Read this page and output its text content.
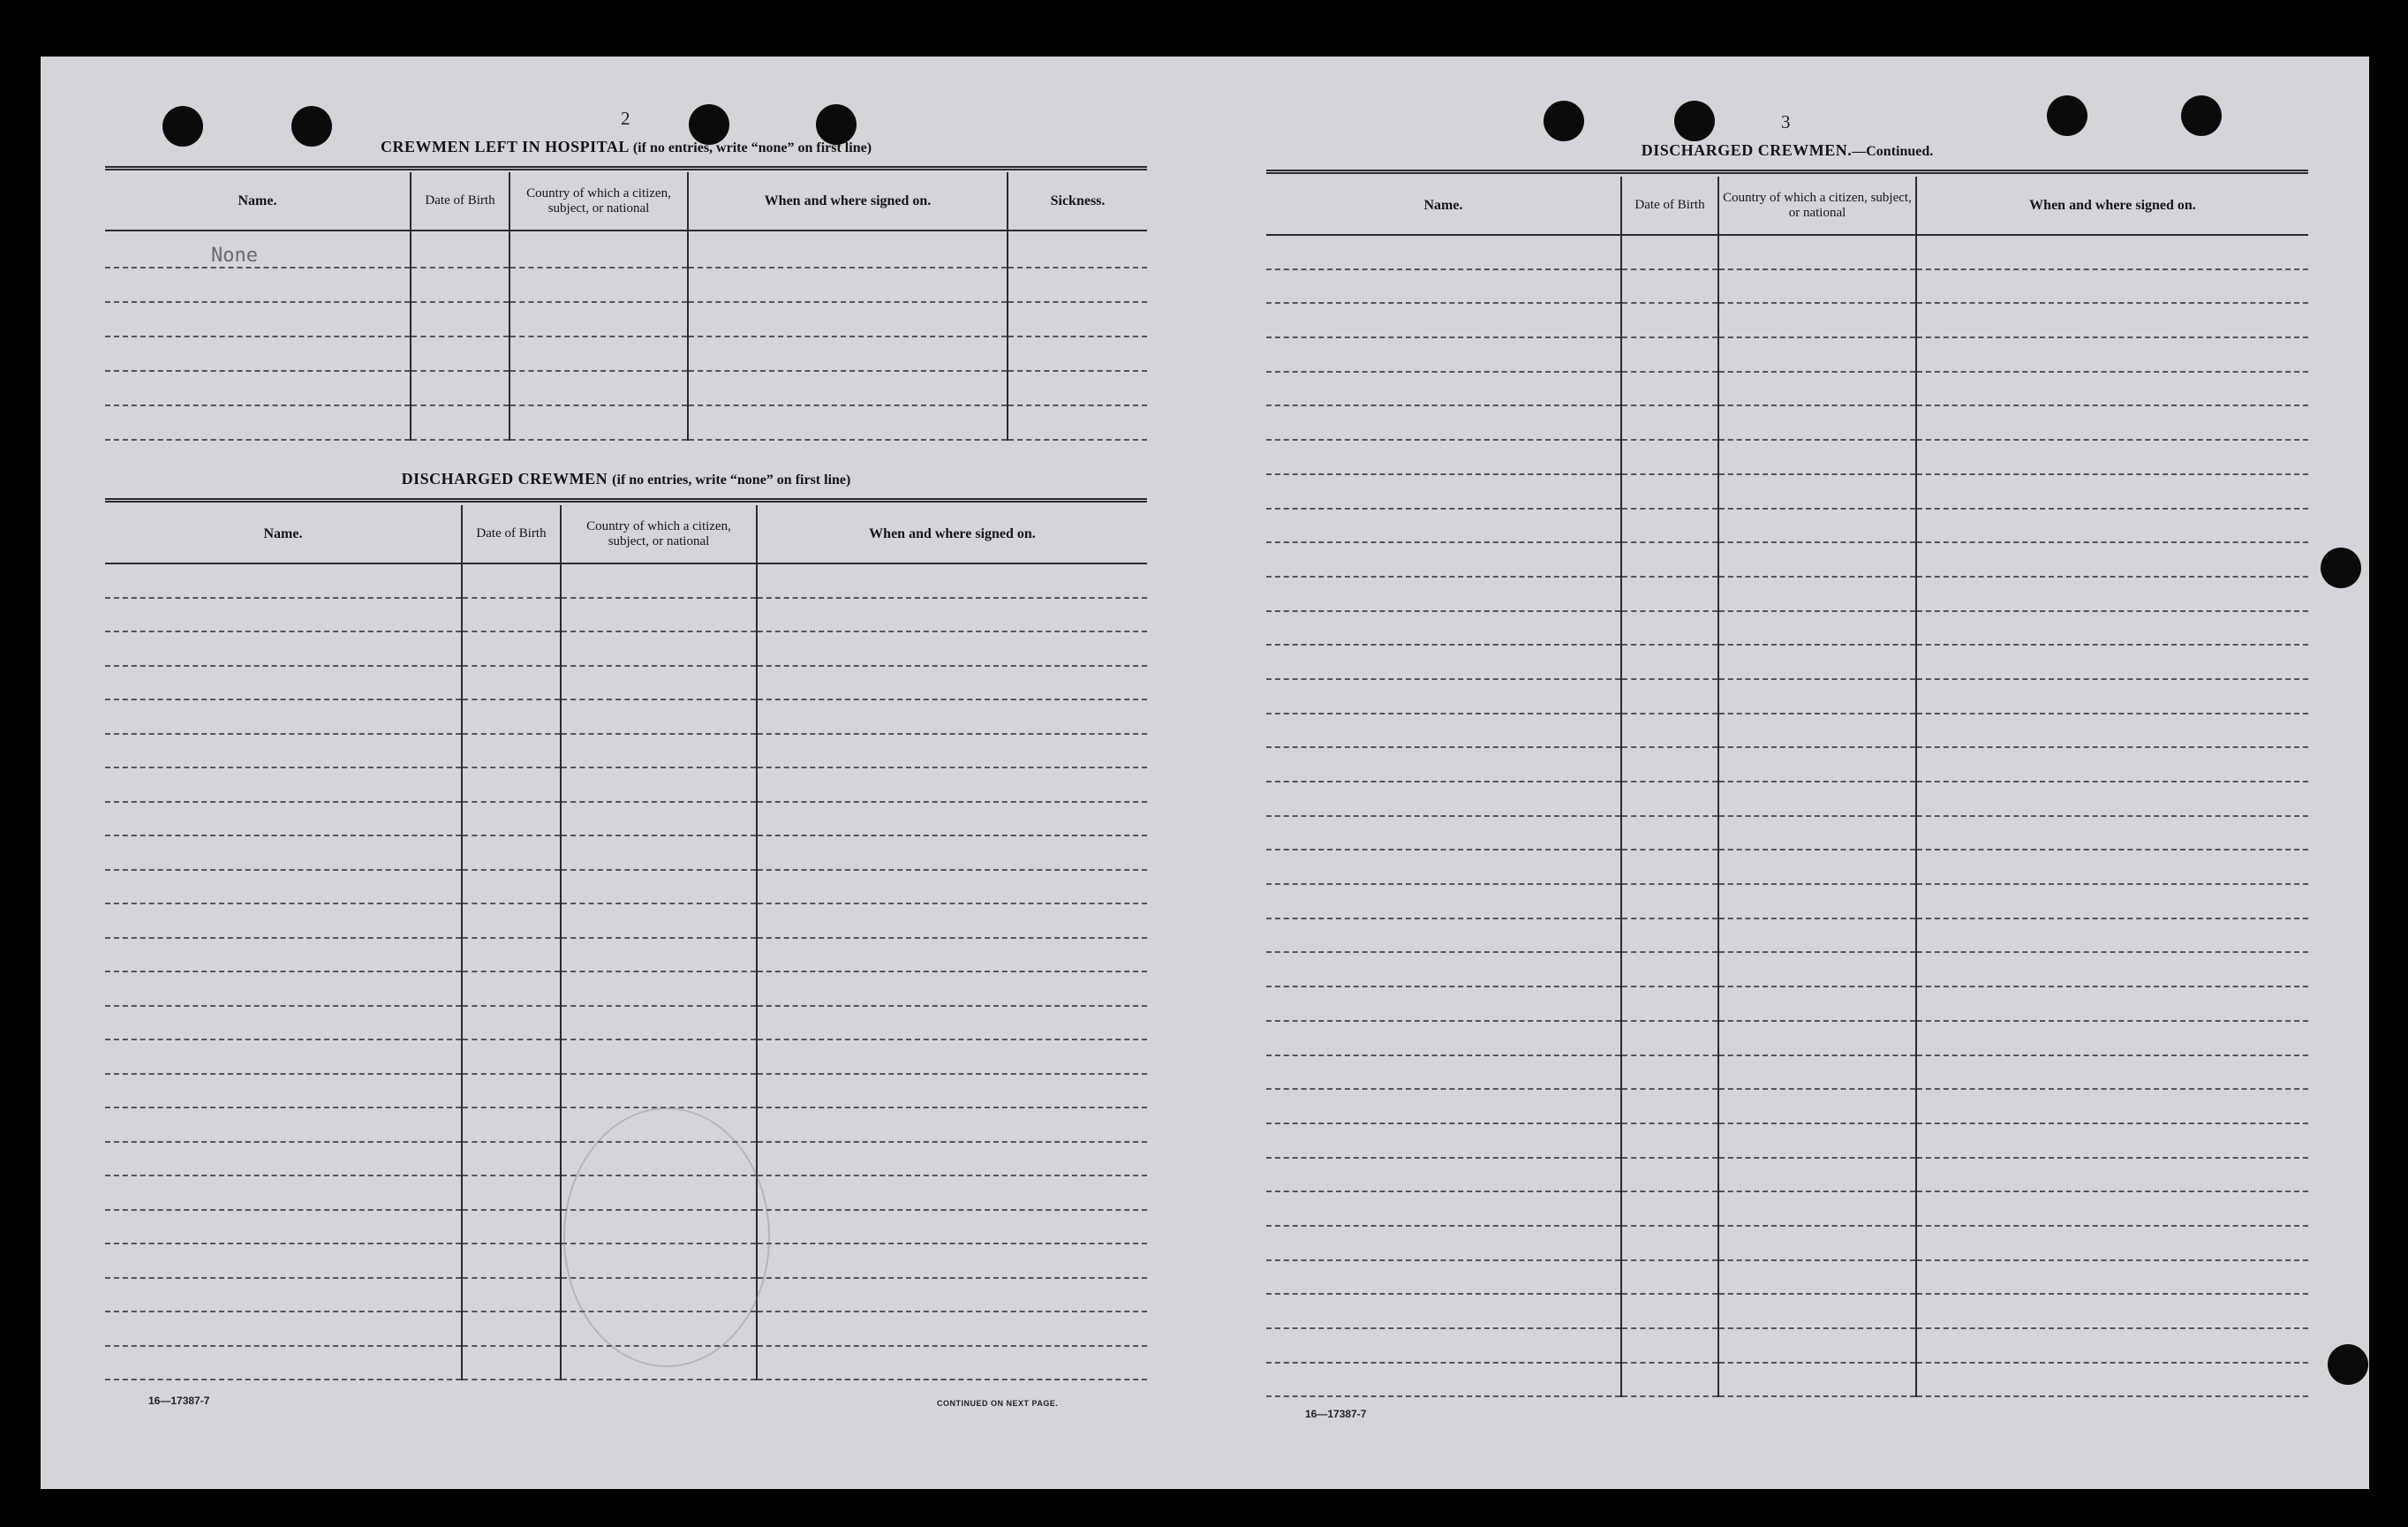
2
CREWMEN LEFT IN HOSPITAL (if no entries, write “none” on first line)
Name.	Date of Birth	Country of which a citizen, subject, or national	When and where signed on.	Sickness.

None				

DISCHARGED CREWMEN (if no entries, write “none” on first line)
Name.	Date of Birth	Country of which a citizen, subject, or national	When and where signed on.

16—17387-7	CONTINUED ON NEXT PAGE.
3
DISCHARGED CREWMEN.—Continued.
Name.	Date of Birth	Country of which a citizen, subject, or national	When and where signed on.

16—17387-7
